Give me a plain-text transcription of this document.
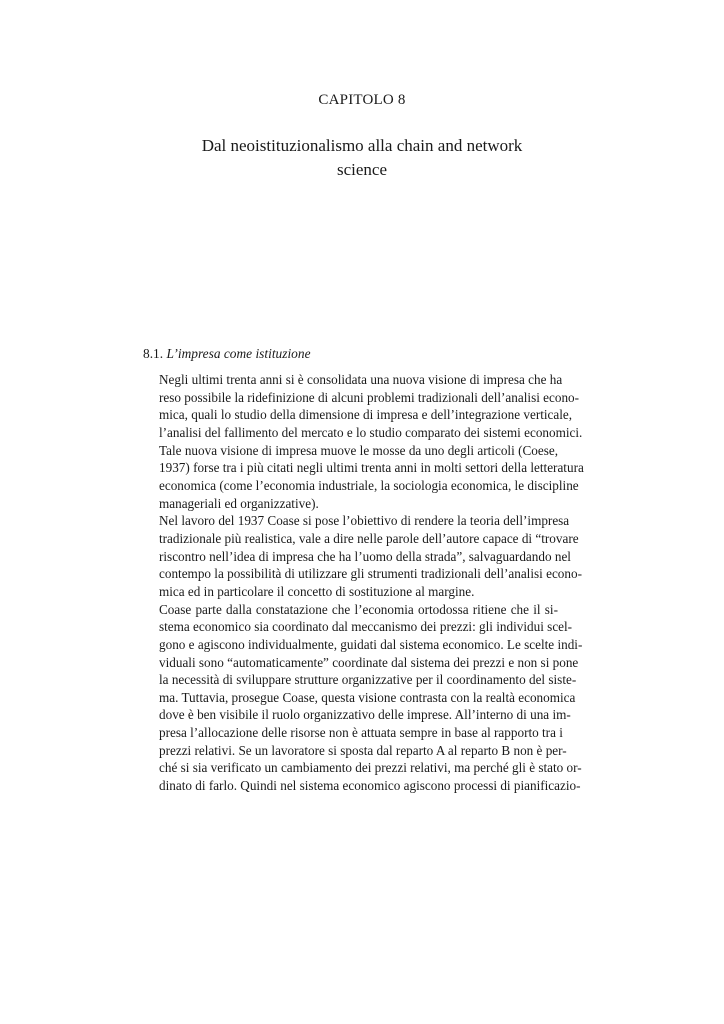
CAPITOLO 8
Dal neoistituzionalismo alla chain and network
science
8.1. L’impresa come istituzione

Negli ultimi trenta anni si è consolidata una nuova visione di impresa che ha
reso possibile la ridefinizione di alcuni problemi tradizionali dell’analisi econo-
mica, quali lo studio della dimensione di impresa e dell’integrazione verticale,
l’analisi del fallimento del mercato e lo studio comparato dei sistemi economici.
Tale nuova visione di impresa muove le mosse da uno degli articoli (Coese,
1937) forse tra i più citati negli ultimi trenta anni in molti settori della letteratura
economica (come l’economia industriale, la sociologia economica, le discipline
manageriali ed organizzative).

Nel lavoro del 1937 Coase si pose l’obiettivo di rendere la teoria dell’impresa
tradizionale più realistica, vale a dire nelle parole dell’autore capace di “trovare
riscontro nell’idea di impresa che ha l’uomo della strada”, salvaguardando nel
contempo la possibilità di utilizzare gli strumenti tradizionali dell’analisi econo-
mica ed in particolare il concetto di sostituzione al margine.

Coase parte dalla constatazione che l’economia ortodossa ritiene che il si-
stema economico sia coordinato dal meccanismo dei prezzi: gli individui scel-
gono e agiscono individualmente, guidati dal sistema economico. Le scelte indi-
viduali sono “automaticamente” coordinate dal sistema dei prezzi e non si pone
la necessità di sviluppare strutture organizzative per il coordinamento del siste-
ma. Tuttavia, prosegue Coase, questa visione contrasta con la realtà economica
dove è ben visibile il ruolo organizzativo delle imprese. All’interno di una im-
presa l’allocazione delle risorse non è attuata sempre in base al rapporto tra i
prezzi relativi. Se un lavoratore si sposta dal reparto A al reparto B non è per-
ché si sia verificato un cambiamento dei prezzi relativi, ma perché gli è stato or-
dinato di farlo. Quindi nel sistema economico agiscono processi di pianificazio-
